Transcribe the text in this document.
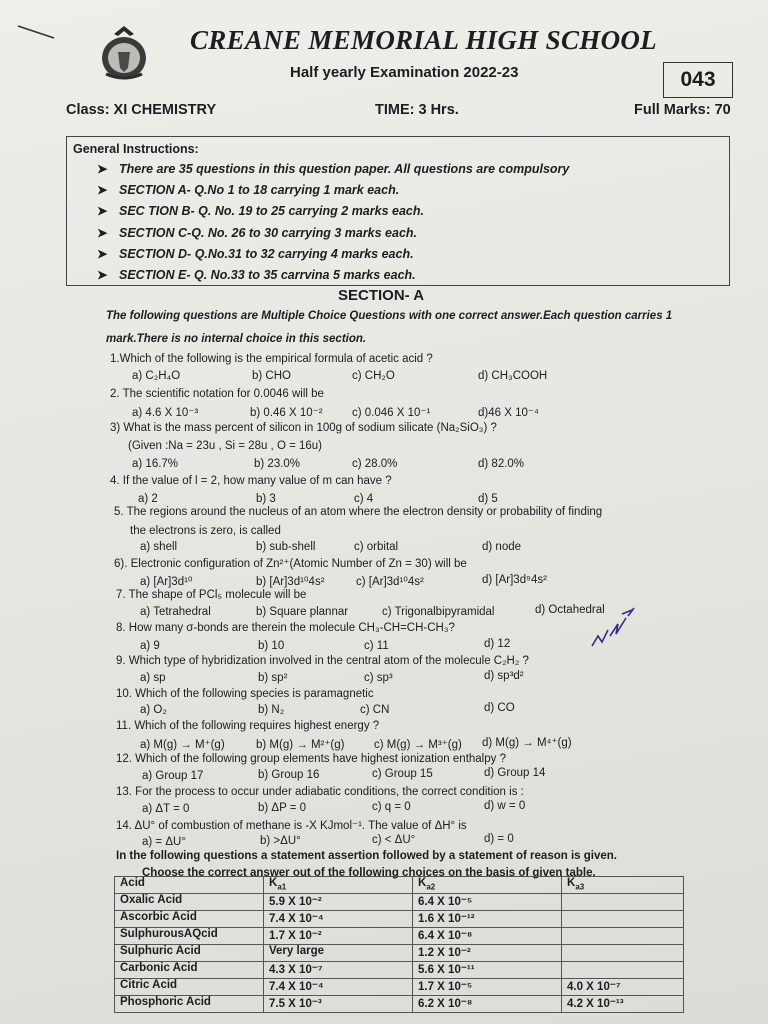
CREANE MEMORIAL HIGH SCHOOL
Half yearly Examination 2022-23	043
Class: XI CHEMISTRY	TIME: 3 Hrs.	Full Marks: 70
General Instructions:
➤ There are 35 questions in this question paper. All questions are compulsory
➤ SECTION A- Q.No 1 to 18 carrying 1 mark each.
➤ SEC TION B- Q. No. 19 to 25 carrying 2 marks each.
➤ SECTION C-Q. No. 26 to 30 carrying 3 marks each.
➤ SECTION D- Q.No.31 to 32 carrying 4 marks each.
➤ SECTION E- Q. No.33 to 35 carrvina 5 marks each.
SECTION- A
The following questions are Multiple Choice Questions with one correct answer.Each question carries 1
mark.There is no internal choice in this section.
1.Which of the following is the empirical formula of acetic acid ?
a) C₂H₄O	b) CHO	c) CH₂O	d) CH₃COOH
2. The scientific notation for 0.0046 will be
a) 4.6 X 10⁻³	b) 0.46 X 10⁻²	c) 0.046 X 10⁻¹	d)46 X 10⁻⁴
3) What is the mass percent of silicon in 100g of sodium silicate (Na₂SiO₃) ?
(Given :Na = 23u , Si = 28u , O = 16u)
a) 16.7%	b) 23.0%	c) 28.0%	d) 82.0%
4. If the value of l = 2, how many value of m can have ?
a) 2	b) 3	c) 4	d) 5
5. The regions around the nucleus of an atom where the electron density or probability of finding
the electrons is zero, is called
a) shell	b) sub-shell	c) orbital	d) node
6). Electronic configuration of Zn²⁺(Atomic Number of Zn = 30) will be
a) [Ar]3d¹⁰	b) [Ar]3d¹⁰4s²	c) [Ar]3d¹⁰4s²	d) [Ar]3d⁹4s²
7. The shape of PCl₅ molecule will be
a) Tetrahedral	b) Square plannar	c) Trigonalbipyramidal	d) Octahedral
8. How many σ-bonds are therein the molecule CH₃-CH=CH-CH₃?
a) 9	b) 10	c) 11	d) 12
9. Which type of hybridization involved in the central atom of the molecule C₂H₂ ?
a) sp	b) sp²	c) sp³	d) sp³d²
10. Which of the following species is paramagnetic
a) O₂	b) N₂	c) CN	d) CO
11. Which of the following requires highest energy ?
a) M(g) → M⁺(g)	b) M(g) → M²⁺(g)	c) M(g) → M³⁺(g) d) M(g) → M⁴⁺(g)
12. Which of the following group elements have highest ionization enthalpy ?
a) Group 17	b) Group 16	c) Group 15	d) Group 14
13. For the process to occur under adiabatic conditions, the correct condition is :
a) ΔT = 0	b) ΔP = 0	c) q = 0	d) w = 0
14. ΔU° of combustion of methane is -X KJmol⁻¹. The value of ΔH° is
a) = ΔU°	b) >ΔU°	c) < ΔU°	d) = 0
In the following questions a statement assertion followed by a statement of reason is given.
Choose the correct answer out of the following choices on the basis of given table.
Acid	$K_{a1}$	$K_{a2}$	$K_{a3}$
Oxalic Acid	5.9 X 10⁻²	6.4 X 10⁻⁵	
Ascorbic Acid	7.4 X 10⁻⁴	1.6 X 10⁻¹²	
SulphurousAQcid	1.7 X 10⁻²	6.4 X 10⁻⁸	
Sulphuric Acid	Very large	1.2 X 10⁻²	
Carbonic Acid	4.3 X 10⁻⁷	5.6 X 10⁻¹¹	
Citric Acid	7.4 X 10⁻⁴	1.7 X 10⁻⁵	4.0 X 10⁻⁷
Phosphoric Acid	7.5 X 10⁻³	6.2 X 10⁻⁸	4.2 X 10⁻¹³
